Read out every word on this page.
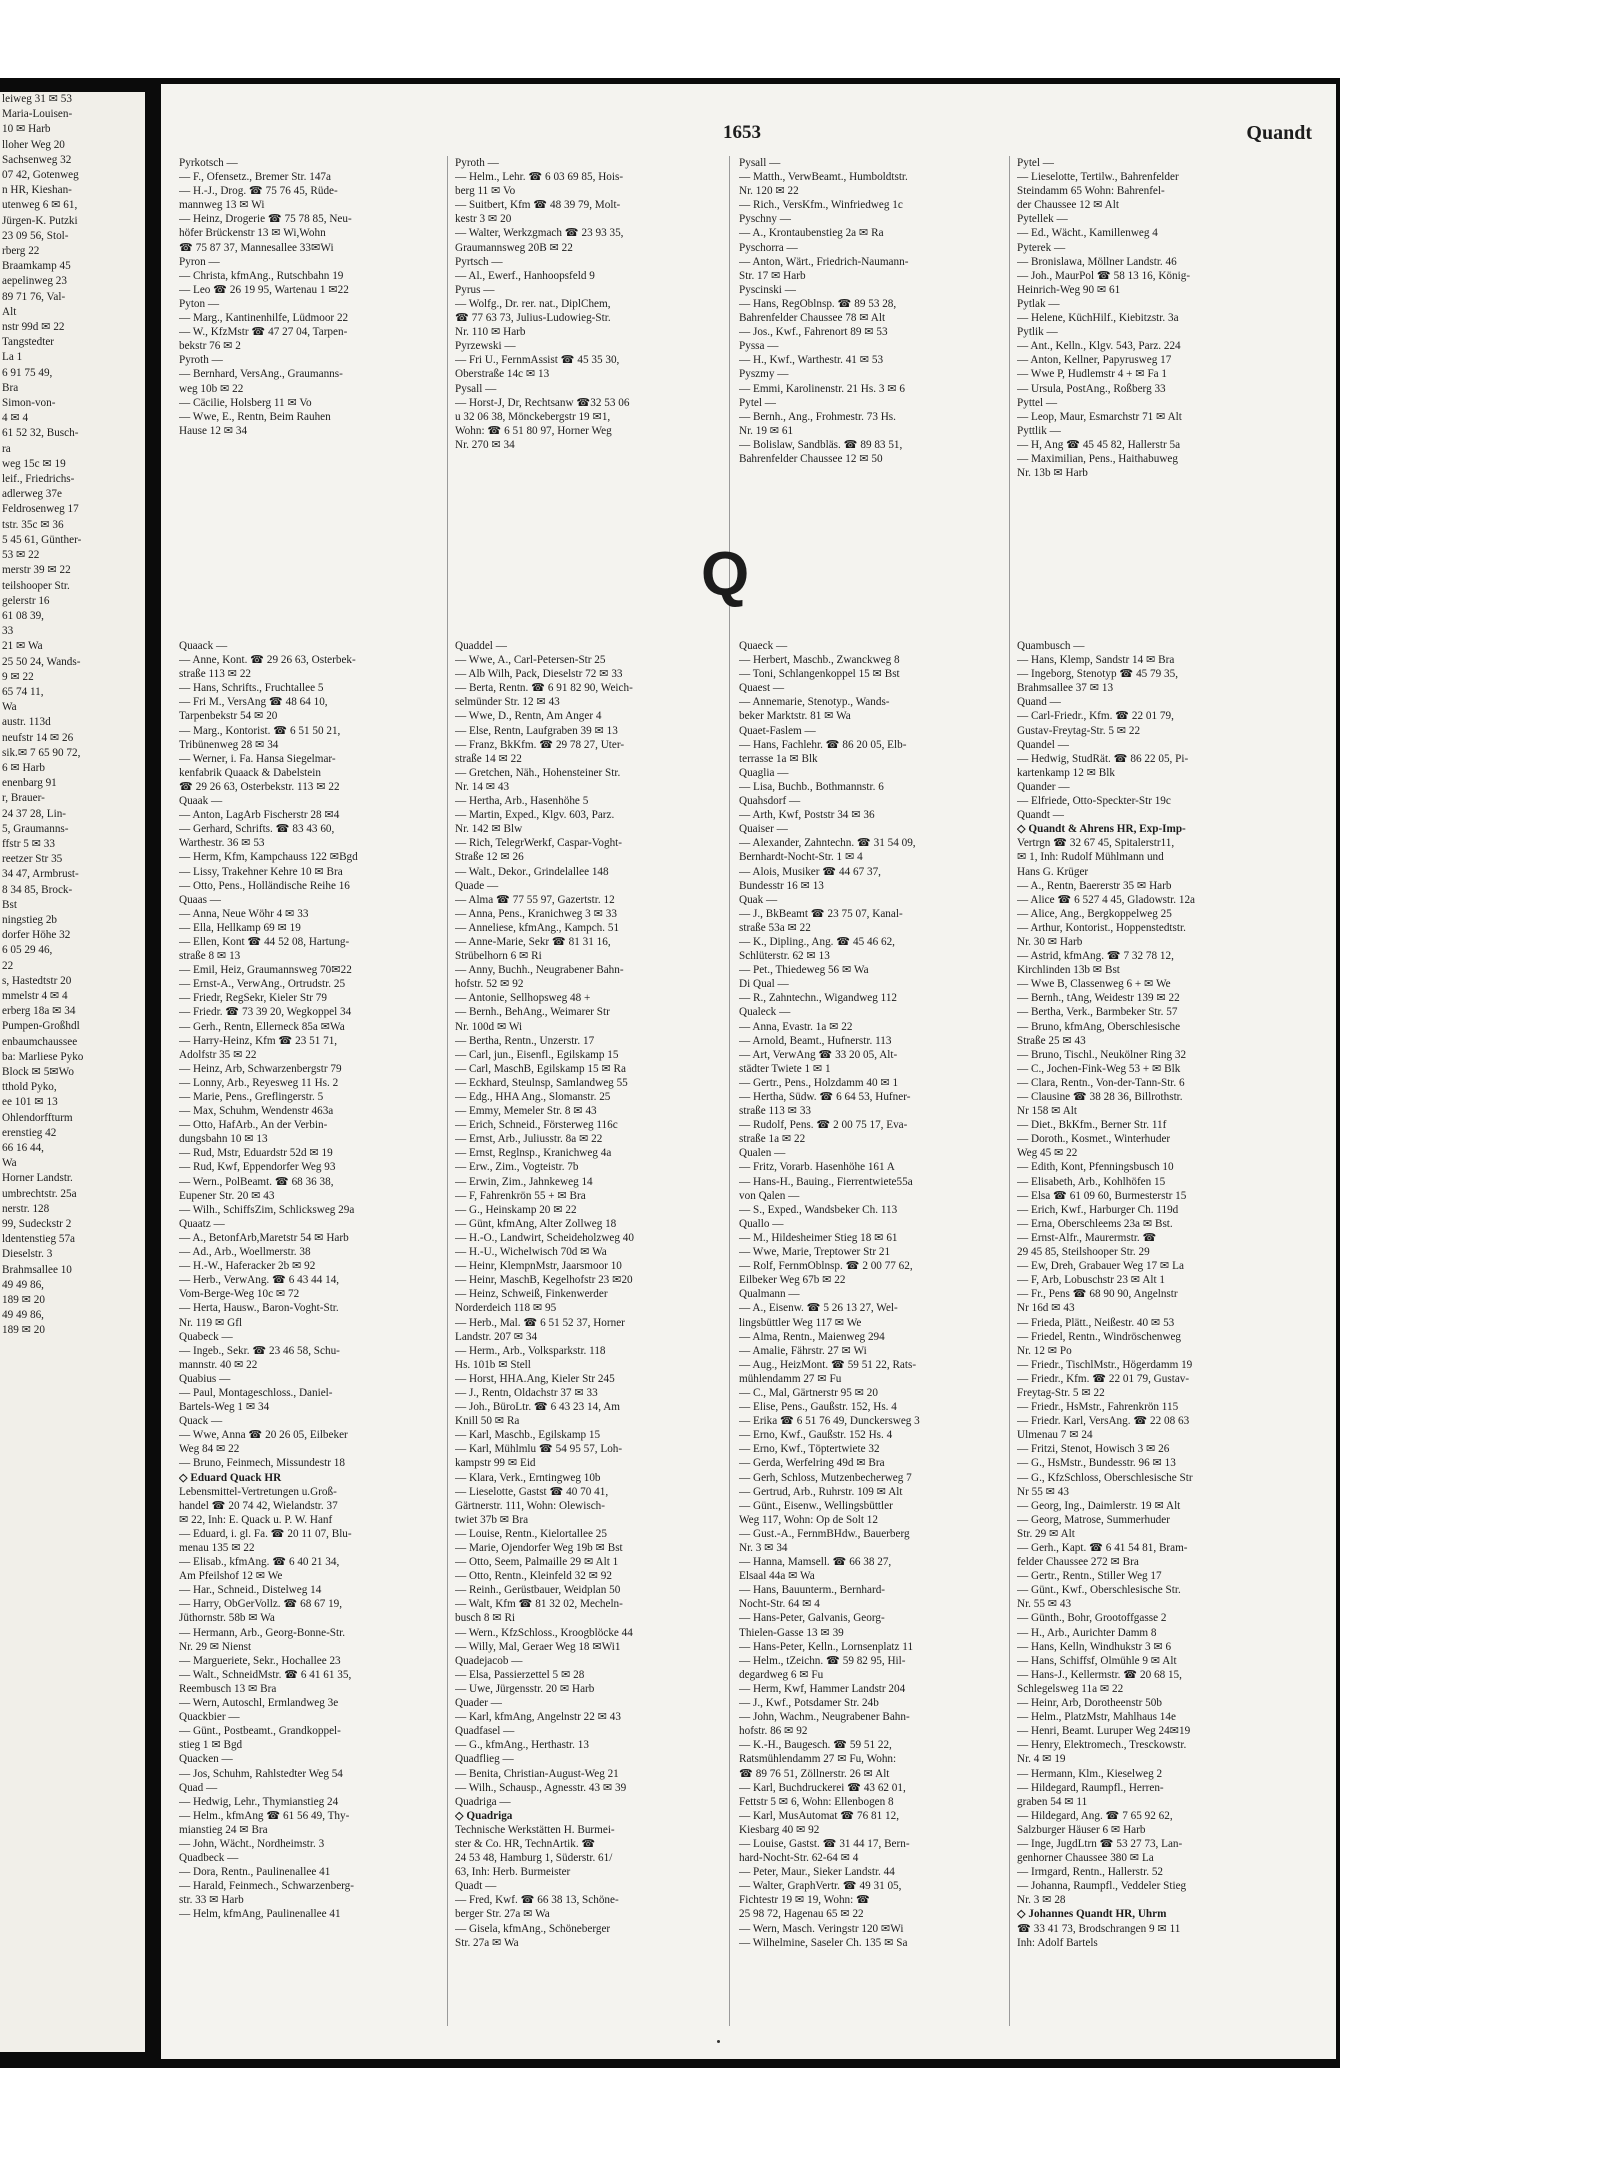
leiweg 31 ✉ 53
Maria-Louisen-
10 ✉ Harb
lloher Weg 20
Sachsenweg 32
07 42, Gotenweg
n HR, Kieshan-
utenweg 6 ✉ 61,
Jürgen-K. Putzki
23 09 56, Stol-
rberg 22
Braamkamp 45
aepelinweg 23
89 71 76, Val-
Alt
nstr 99d ✉ 22
Tangstedter
La 1
6 91 75 49,
Bra
Simon-von-
4 ✉ 4
61 52 32, Busch-
ra
weg 15c ✉ 19
leif., Friedrichs-
adlerweg 37e
Feldrosenweg 17
tstr. 35c ✉ 36
5 45 61, Günther-
53 ✉ 22
merstr 39 ✉ 22
teilshooper Str.
gelerstr 16
61 08 39,
33
21 ✉ Wa
25 50 24, Wands-
9 ✉ 22
65 74 11,
Wa
austr. 113d
neufstr 14 ✉ 26
sik.✉ 7 65 90 72,
6 ✉ Harb
enenbarg 91
r, Brauer-
24 37 28, Lin-
5, Graumanns-
ffstr 5 ✉ 33
reetzer Str 35
34 47, Armbrust-
8 34 85, Brock-
Bst
ningstieg 2b
dorfer Höhe 32
6 05 29 46,
22
s, Hastedtstr 20
mmelstr 4 ✉ 4
erberg 18a ✉ 34
Pumpen-Großhdl
enbaumchaussee
ba: Marliese Pyko
Block ✉ 5✉Wo
tthold Pyko,
ee 101 ✉ 13
Ohlendorffturm
erenstieg 42
66 16 44,
Wa
Horner Landstr.
umbrechtstr. 25a
nerstr. 128
99, Sudeckstr 2
ldentenstieg 57a
Dieselstr. 3
Brahmsallee 10
49 49 86,
189 ✉ 20
49 49 86,
189 ✉ 20
1653	Quandt
Pyrkotsch —
— F., Ofensetz., Bremer Str. 147a
— H.-J., Drog. ☎ 75 76 45, Rüde-
mannweg 13 ✉ Wi
— Heinz, Drogerie ☎ 75 78 85, Neu-
höfer Brückenstr 13 ✉ Wi,Wohn
☎ 75 87 37, Mannesallee 33✉Wi
Pyron —
— Christa, kfmAng., Rutschbahn 19
— Leo ☎ 26 19 95, Wartenau 1 ✉22
Pyton —
— Marg., Kantinenhilfe, Lüdmoor 22
— W., KfzMstr ☎ 47 27 04, Tarpen-
bekstr 76 ✉ 2
Pyroth —
— Bernhard, VersAng., Graumanns-
weg 10b ✉ 22
— Cäcilie, Holsberg 11 ✉ Vo
— Wwe, E., Rentn, Beim Rauhen
Hause 12 ✉ 34
Pyroth —
— Helm., Lehr. ☎ 6 03 69 85, Hois-
berg 11 ✉ Vo
— Suitbert, Kfm ☎ 48 39 79, Molt-
kestr 3 ✉ 20
— Walter, Werkzgmach ☎ 23 93 35,
Graumannsweg 20B ✉ 22
Pyrtsch —
— Al., Ewerf., Hanhoopsfeld 9
Pyrus —
— Wolfg., Dr. rer. nat., DiplChem,
☎ 77 63 73, Julius-Ludowieg-Str.
Nr. 110 ✉ Harb
Pyrzewski —
— Fri U., FernmAssist ☎ 45 35 30,
Oberstraße 14c ✉ 13
Pysall —
— Horst-J, Dr, Rechtsanw ☎32 53 06
u 32 06 38, Mönckebergstr 19 ✉1,
Wohn: ☎ 6 51 80 97, Horner Weg
Nr. 270 ✉ 34
Pysall —
— Matth., VerwBeamt., Humboldtstr.
Nr. 120 ✉ 22
— Rich., VersKfm., Winfriedweg 1c
Pyschny —
— A., Krontaubenstieg 2a ✉ Ra
Pyschorra —
— Anton, Wärt., Friedrich-Naumann-
Str. 17 ✉ Harb
Pyscinski —
— Hans, RegOblnsp. ☎ 89 53 28,
Bahrenfelder Chaussee 78 ✉ Alt
— Jos., Kwf., Fahrenort 89 ✉ 53
Pyssa —
— H., Kwf., Warthestr. 41 ✉ 53
Pyszmy —
— Emmi, Karolinenstr. 21 Hs. 3 ✉ 6
Pytel —
— Bernh., Ang., Frohmestr. 73 Hs.
Nr. 19 ✉ 61
— Bolislaw, Sandbläs. ☎ 89 83 51,
Bahrenfelder Chaussee 12 ✉ 50
Pytel —
— Lieselotte, Tertilw., Bahrenfelder
Steindamm 65 Wohn: Bahrenfel-
der Chaussee 12 ✉ Alt
Pytellek —
— Ed., Wächt., Kamillenweg 4
Pyterek —
— Bronislawa, Möllner Landstr. 46
— Joh., MaurPol ☎ 58 13 16, König-
Heinrich-Weg 90 ✉ 61
Pytlak —
— Helene, KüchHilf., Kiebitzstr. 3a
Pytlik —
— Ant., Kelln., Klgv. 543, Parz. 224
— Anton, Kellner, Papyrusweg 17
— Wwe P, Hudlemstr 4 + ✉ Fa 1
— Ursula, PostAng., Roßberg 33
Pyttel —
— Leop, Maur, Esmarchstr 71 ✉ Alt
Pyttlik —
— H, Ang ☎ 45 45 82, Hallerstr 5a
— Maximilian, Pens., Haithabuweg
Nr. 13b ✉ Harb
Q
Quaack —
— Anne, Kont. ☎ 29 26 63, Osterbek-
straße 113 ✉ 22
— Hans, Schrifts., Fruchtallee 5
— Fri M., VersAng ☎ 48 64 10,
Tarpenbekstr 54 ✉ 20
— Marg., Kontorist. ☎ 6 51 50 21,
Tribünenweg 28 ✉ 34
— Werner, i. Fa. Hansa Siegelmar-
kenfabrik Quaack & Dabelstein
☎ 29 26 63, Osterbekstr. 113 ✉ 22
Quaak —
— Anton, LagArb Fischerstr 28 ✉4
— Gerhard, Schrifts. ☎ 83 43 60,
Warthestr. 36 ✉ 53
— Herm, Kfm, Kampchauss 122 ✉Bgd
— Lissy, Trakehner Kehre 10 ✉ Bra
— Otto, Pens., Holländische Reihe 16
Quaas —
— Anna, Neue Wöhr 4 ✉ 33
— Ella, Hellkamp 69 ✉ 19
— Ellen, Kont ☎ 44 52 08, Hartung-
straße 8 ✉ 13
— Emil, Heiz, Graumannsweg 70✉22
— Ernst-A., VerwAng., Ortrudstr. 25
— Friedr, RegSekr, Kieler Str 79
— Friedr. ☎ 73 39 20, Wegkoppel 34
— Gerh., Rentn, Ellerneck 85a ✉Wa
— Harry-Heinz, Kfm ☎ 23 51 71,
Adolfstr 35 ✉ 22
— Heinz, Arb, Schwarzenbergstr 79
— Lonny, Arb., Reyesweg 11 Hs. 2
— Marie, Pens., Greflingerstr. 5
— Max, Schuhm, Wendenstr 463a
— Otto, HafArb., An der Verbin-
dungsbahn 10 ✉ 13
— Rud, Mstr, Eduardstr 52d ✉ 19
— Rud, Kwf, Eppendorfer Weg 93
— Wern., PolBeamt. ☎ 68 36 38,
Eupener Str. 20 ✉ 43
— Wilh., SchiffsZim, Schlicksweg 29a
Quaatz —
— A., BetonfArb,Maretstr 54 ✉ Harb
— Ad., Arb., Woellmerstr. 38
— H.-W., Haferacker 2b ✉ 92
— Herb., VerwAng. ☎ 6 43 44 14,
Vom-Berge-Weg 10c ✉ 72
— Herta, Hausw., Baron-Voght-Str.
Nr. 119 ✉ Gfl
Quabeck —
— Ingeb., Sekr. ☎ 23 46 58, Schu-
mannstr. 40 ✉ 22
Quabius —
— Paul, Montageschloss., Daniel-
Bartels-Weg 1 ✉ 34
Quack —
— Wwe, Anna ☎ 20 26 05, Eilbeker
Weg 84 ✉ 22
— Bruno, Feinmech, Missundestr 18
◇ Eduard Quack HR
Lebensmittel-Vertretungen u.Groß-
handel ☎ 20 74 42, Wielandstr. 37
✉ 22, Inh: E. Quack u. P. W. Hanf
— Eduard, i. gl. Fa. ☎ 20 11 07, Blu-
menau 135 ✉ 22
— Elisab., kfmAng. ☎ 6 40 21 34,
Am Pfeilshof 12 ✉ We
— Har., Schneid., Distelweg 14
— Harry, ObGerVollz. ☎ 68 67 19,
Jüthornstr. 58b ✉ Wa
— Hermann, Arb., Georg-Bonne-Str.
Nr. 29 ✉ Nienst
— Margueriete, Sekr., Hochallee 23
— Walt., SchneidMstr. ☎ 6 41 61 35,
Reembusch 13 ✉ Bra
— Wern, Autoschl, Ermlandweg 3e
Quackbier —
— Günt., Postbeamt., Grandkoppel-
stieg 1 ✉ Bgd
Quacken —
— Jos, Schuhm, Rahlstedter Weg 54
Quad —
— Hedwig, Lehr., Thymianstieg 24
— Helm., kfmAng ☎ 61 56 49, Thy-
mianstieg 24 ✉ Bra
— John, Wächt., Nordheimstr. 3
Quadbeck —
— Dora, Rentn., Paulinenallee 41
— Harald, Feinmech., Schwarzenberg-
str. 33 ✉ Harb
— Helm, kfmAng, Paulinenallee 41
Quaddel —
— Wwe, A., Carl-Petersen-Str 25
— Alb Wilh, Pack, Dieselstr 72 ✉ 33
— Berta, Rentn. ☎ 6 91 82 90, Weich-
selmünder Str. 12 ✉ 43
— Wwe, D., Rentn, Am Anger 4
— Else, Rentn, Laufgraben 39 ✉ 13
— Franz, BkKfm. ☎ 29 78 27, Uter-
straße 14 ✉ 22
— Gretchen, Näh., Hohensteiner Str.
Nr. 14 ✉ 43
— Hertha, Arb., Hasenhöhe 5
— Martin, Exped., Klgv. 603, Parz.
Nr. 142 ✉ Blw
— Rich, TelegrWerkf, Caspar-Voght-
Straße 12 ✉ 26
— Walt., Dekor., Grindelallee 148
Quade —
— Alma ☎ 77 55 97, Gazertstr. 12
— Anna, Pens., Kranichweg 3 ✉ 33
— Anneliese, kfmAng., Kampch. 51
— Anne-Marie, Sekr ☎ 81 31 16,
Strübelhorn 6 ✉ Ri
— Anny, Buchh., Neugrabener Bahn-
hofstr. 52 ✉ 92
— Antonie, Sellhopsweg 48 +
— Bernh., BehAng., Weimarer Str
Nr. 100d ✉ Wi
— Bertha, Rentn., Unzerstr. 17
— Carl, jun., Eisenfl., Egilskamp 15
— Carl, MaschB, Egilskamp 15 ✉ Ra
— Eckhard, Steulnsp, Samlandweg 55
— Edg., HHA Ang., Slomanstr. 25
— Emmy, Memeler Str. 8 ✉ 43
— Erich, Schneid., Försterweg 116c
— Ernst, Arb., Juliusstr. 8a ✉ 22
— Ernst, Reglnsp., Kranichweg 4a
— Erw., Zim., Vogteistr. 7b
— Erwin, Zim., Jahnkeweg 14
— F, Fahrenkrön 55 + ✉ Bra
— G., Heinskamp 20 ✉ 22
— Günt, kfmAng, Alter Zollweg 18
— H.-O., Landwirt, Scheideholzweg 40
— H.-U., Wichelwisch 70d ✉ Wa
— Heinr, KlempnMstr, Jaarsmoor 10
— Heinr, MaschB, Kegelhofstr 23 ✉20
— Heinz, Schweiß, Finkenwerder
Norderdeich 118 ✉ 95
— Herb., Mal. ☎ 6 51 52 37, Horner
Landstr. 207 ✉ 34
— Herm., Arb., Volksparkstr. 118
Hs. 101b ✉ Stell
— Horst, HHA.Ang, Kieler Str 245
— J., Rentn, Oldachstr 37 ✉ 33
— Joh., BüroLtr. ☎ 6 43 23 14, Am
Knill 50 ✉ Ra
— Karl, Maschb., Egilskamp 15
— Karl, Mühlmlu ☎ 54 95 57, Loh-
kampstr 99 ✉ Eid
— Klara, Verk., Erntingweg 10b
— Lieselotte, Gastst ☎ 40 70 41,
Gärtnerstr. 111, Wohn: Olewisch-
twiet 37b ✉ Bra
— Louise, Rentn., Kielortallee 25
— Marie, Ojendorfer Weg 19b ✉ Bst
— Otto, Seem, Palmaille 29 ✉ Alt 1
— Otto, Rentn., Kleinfeld 32 ✉ 92
— Reinh., Gerüstbauer, Weidplan 50
— Walt, Kfm ☎ 81 32 02, Mecheln-
busch 8 ✉ Ri
— Wern., KfzSchloss., Kroogblöcke 44
— Willy, Mal, Geraer Weg 18 ✉Wi1
Quadejacob —
— Elsa, Passierzettel 5 ✉ 28
— Uwe, Jürgensstr. 20 ✉ Harb
Quader —
— Karl, kfmAng, Angelnstr 22 ✉ 43
Quadfasel —
— G., kfmAng., Herthastr. 13
Quadflieg —
— Benita, Christian-August-Weg 21
— Wilh., Schausp., Agnesstr. 43 ✉ 39
Quadriga —
◇ Quadriga
Technische Werkstätten H. Burmei-
ster & Co. HR, TechnArtik. ☎
24 53 48, Hamburg 1, Süderstr. 61/
63, Inh: Herb. Burmeister
Quadt —
— Fred, Kwf. ☎ 66 38 13, Schöne-
berger Str. 27a ✉ Wa
— Gisela, kfmAng., Schöneberger
Str. 27a ✉ Wa
Quaeck —
— Herbert, Maschb., Zwanckweg 8
— Toni, Schlangenkoppel 15 ✉ Bst
Quaest —
— Annemarie, Stenotyp., Wands-
beker Marktstr. 81 ✉ Wa
Quaet-Faslem —
— Hans, Fachlehr. ☎ 86 20 05, Elb-
terrasse 1a ✉ Blk
Quaglia —
— Lisa, Buchb., Bothmannstr. 6
Quahsdorf —
— Arth, Kwf, Poststr 34 ✉ 36
Quaiser —
— Alexander, Zahntechn. ☎ 31 54 09,
Bernhardt-Nocht-Str. 1 ✉ 4
— Alois, Musiker ☎ 44 67 37,
Bundesstr 16 ✉ 13
Quak —
— J., BkBeamt ☎ 23 75 07, Kanal-
straße 53a ✉ 22
— K., Dipling., Ang. ☎ 45 46 62,
Schlüterstr. 62 ✉ 13
— Pet., Thiedeweg 56 ✉ Wa
Di Qual —
— R., Zahntechn., Wigandweg 112
Qualeck —
— Anna, Evastr. 1a ✉ 22
— Arnold, Beamt., Hufnerstr. 113
— Art, VerwAng ☎ 33 20 05, Alt-
städter Twiete 1 ✉ 1
— Gertr., Pens., Holzdamm 40 ✉ 1
— Hertha, Südw. ☎ 6 64 53, Hufner-
straße 113 ✉ 33
— Rudolf, Pens. ☎ 2 00 75 17, Eva-
straße 1a ✉ 22
Qualen —
— Fritz, Vorarb. Hasenhöhe 161 A
— Hans-H., Bauing., Fierrentwiete55a
von Qalen —
— S., Exped., Wandsbeker Ch. 113
Quallo —
— M., Hildesheimer Stieg 18 ✉ 61
— Wwe, Marie, Treptower Str 21
— Rolf, FernmOblnsp. ☎ 2 00 77 62,
Eilbeker Weg 67b ✉ 22
Qualmann —
— A., Eisenw. ☎ 5 26 13 27, Wel-
lingsbüttler Weg 117 ✉ We
— Alma, Rentn., Maienweg 294
— Amalie, Fährstr. 27 ✉ Wi
— Aug., HeizMont. ☎ 59 51 22, Rats-
mühlendamm 27 ✉ Fu
— C., Mal, Gärtnerstr 95 ✉ 20
— Elise, Pens., Gaußstr. 152, Hs. 4
— Erika ☎ 6 51 76 49, Dunckersweg 3
— Erno, Kwf., Gaußstr. 152 Hs. 4
— Erno, Kwf., Töptertwiete 32
— Gerda, Werfelring 49d ✉ Bra
— Gerh, Schloss, Mutzenbecherweg 7
— Gertrud, Arb., Ruhrstr. 109 ✉ Alt
— Günt., Eisenw., Wellingsbüttler
Weg 117, Wohn: Op de Solt 12
— Gust.-A., FernmBHdw., Bauerberg
Nr. 3 ✉ 34
— Hanna, Mamsell. ☎ 66 38 27,
Elsaal 44a ✉ Wa
— Hans, Bauunterm., Bernhard-
Nocht-Str. 64 ✉ 4
— Hans-Peter, Galvanis, Georg-
Thielen-Gasse 13 ✉ 39
— Hans-Peter, Kelln., Lornsenplatz 11
— Helm., tZeichn. ☎ 59 82 95, Hil-
degardweg 6 ✉ Fu
— Herm, Kwf, Hammer Landstr 204
— J., Kwf., Potsdamer Str. 24b
— John, Wachm., Neugrabener Bahn-
hofstr. 86 ✉ 92
— K.-H., Baugesch. ☎ 59 51 22,
Ratsmühlendamm 27 ✉ Fu, Wohn:
☎ 89 76 51, Zöllnerstr. 26 ✉ Alt
— Karl, Buchdruckerei ☎ 43 62 01,
Fettstr 5 ✉ 6, Wohn: Ellenbogen 8
— Karl, MusAutomat ☎ 76 81 12,
Kiesbarg 40 ✉ 92
— Louise, Gastst. ☎ 31 44 17, Bern-
hard-Nocht-Str. 62-64 ✉ 4
— Peter, Maur., Sieker Landstr. 44
— Walter, GraphVertr. ☎ 49 31 05,
Fichtestr 19 ✉ 19, Wohn: ☎
25 98 72, Hagenau 65 ✉ 22
— Wern, Masch. Veringstr 120 ✉Wi
— Wilhelmine, Saseler Ch. 135 ✉ Sa
Quambusch —
— Hans, Klemp, Sandstr 14 ✉ Bra
— Ingeborg, Stenotyp ☎ 45 79 35,
Brahmsallee 37 ✉ 13
Quand —
— Carl-Friedr., Kfm. ☎ 22 01 79,
Gustav-Freytag-Str. 5 ✉ 22
Quandel —
— Hedwig, StudRät. ☎ 86 22 05, Pi-
kartenkamp 12 ✉ Blk
Quander —
— Elfriede, Otto-Speckter-Str 19c
Quandt —
◇ Quandt & Ahrens HR, Exp-Imp-
Vertrgn ☎ 32 67 45, Spitalerstr11,
✉ 1, Inh: Rudolf Mühlmann und
Hans G. Krüger
— A., Rentn, Baererstr 35 ✉ Harb
— Alice ☎ 6 527 4 45, Gladowstr. 12a
— Alice, Ang., Bergkoppelweg 25
— Arthur, Kontorist., Hoppenstedtstr.
Nr. 30 ✉ Harb
— Astrid, kfmAng. ☎ 7 32 78 12,
Kirchlinden 13b ✉ Bst
— Wwe B, Classenweg 6 + ✉ We
— Bernh., tAng, Weidestr 139 ✉ 22
— Bertha, Verk., Barmbeker Str. 57
— Bruno, kfmAng, Oberschlesische
Straße 25 ✉ 43
— Bruno, Tischl., Neukölner Ring 32
— C., Jochen-Fink-Weg 53 + ✉ Blk
— Clara, Rentn., Von-der-Tann-Str. 6
— Clausine ☎ 38 28 36, Billrothstr.
Nr 158 ✉ Alt
— Diet., BkKfm., Berner Str. 11f
— Doroth., Kosmet., Winterhuder
Weg 45 ✉ 22
— Edith, Kont, Pfenningsbusch 10
— Elisabeth, Arb., Kohlhöfen 15
— Elsa ☎ 61 09 60, Burmesterstr 15
— Erich, Kwf., Harburger Ch. 119d
— Erna, Oberschleems 23a ✉ Bst.
— Ernst-Alfr., Maurermstr. ☎
29 45 85, Steilshooper Str. 29
— Ew, Dreh, Grabauer Weg 17 ✉ La
— F, Arb, Lobuschstr 23 ✉ Alt 1
— Fr., Pens ☎ 68 90 90, Angelnstr
Nr 16d ✉ 43
— Frieda, Plätt., Neißestr. 40 ✉ 53
— Friedel, Rentn., Windröschenweg
Nr. 12 ✉ Po
— Friedr., TischlMstr., Högerdamm 19
— Friedr., Kfm. ☎ 22 01 79, Gustav-
Freytag-Str. 5 ✉ 22
— Friedr., HsMstr., Fahrenkrön 115
— Friedr. Karl, VersAng. ☎ 22 08 63
Ulmenau 7 ✉ 24
— Fritzi, Stenot, Howisch 3 ✉ 26
— G., HsMstr., Bundesstr. 96 ✉ 13
— G., KfzSchloss, Oberschlesische Str
Nr 55 ✉ 43
— Georg, Ing., Daimlerstr. 19 ✉ Alt
— Georg, Matrose, Summerhuder
Str. 29 ✉ Alt
— Gerh., Kapt. ☎ 6 41 54 81, Bram-
felder Chaussee 272 ✉ Bra
— Gertr., Rentn., Stiller Weg 17
— Günt., Kwf., Oberschlesische Str.
Nr. 55 ✉ 43
— Günth., Bohr, Grootoffgasse 2
— H., Arb., Aurichter Damm 8
— Hans, Kelln, Windhukstr 3 ✉ 6
— Hans, Schiffsf, Olmühle 9 ✉ Alt
— Hans-J., Kellermstr. ☎ 20 68 15,
Schlegelsweg 11a ✉ 22
— Heinr, Arb, Dorotheenstr 50b
— Helm., PlatzMstr, Mahlhaus 14e
— Henri, Beamt. Luruper Weg 24✉19
— Henry, Elektromech., Tresckowstr.
Nr. 4 ✉ 19
— Hermann, Klm., Kieselweg 2
— Hildegard, Raumpfl., Herren-
graben 54 ✉ 11
— Hildegard, Ang. ☎ 7 65 92 62,
Salzburger Häuser 6 ✉ Harb
— Inge, JugdLtrn ☎ 53 27 73, Lan-
genhorner Chaussee 380 ✉ La
— Irmgard, Rentn., Hallerstr. 52
— Johanna, Raumpfl., Veddeler Stieg
Nr. 3 ✉ 28
◇ Johannes Quandt HR, Uhrm
☎ 33 41 73, Brodschrangen 9 ✉ 11
Inh: Adolf Bartels
